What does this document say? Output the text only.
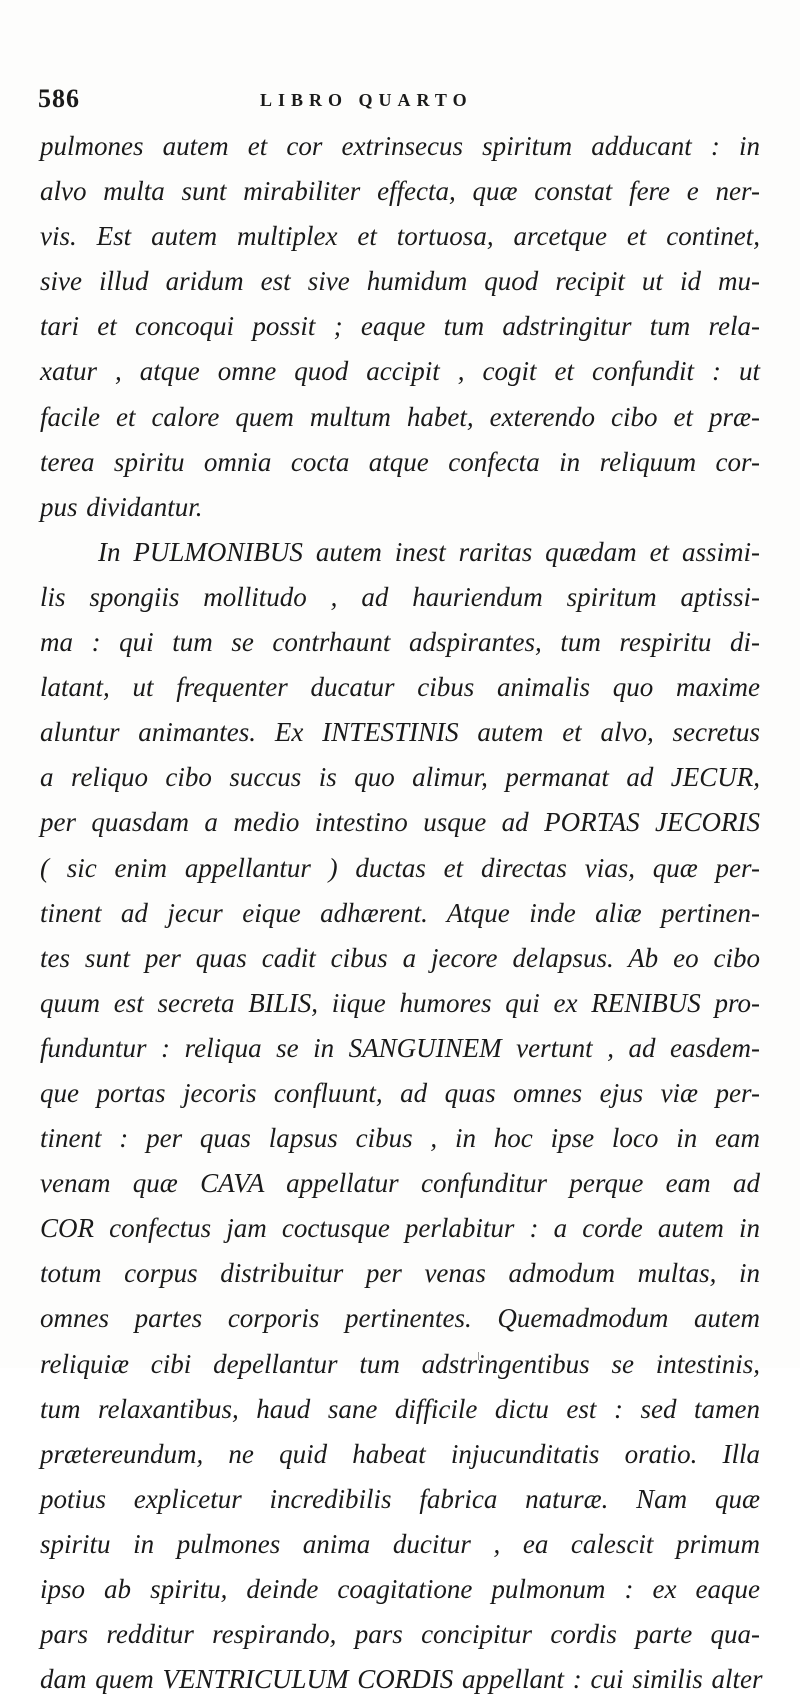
586	LIBRO QUARTO
pulmones autem et cor extrinsecus spiritum adducant : in
alvo multa sunt mirabiliter effecta, quæ constat fere e ner-
vis. Est autem multiplex et tortuosa, arcetque et continet,
sive illud aridum est sive humidum quod recipit ut id mu-
tari et concoqui possit ; eaque tum adstringitur tum rela-
xatur , atque omne quod accipit , cogit et confundit : ut
facile et calore quem multum habet, exterendo cibo et præ-
terea spiritu omnia cocta atque confecta in reliquum cor-
pus dividantur.
In PULMONIBUS autem inest raritas quædam et assimi-
lis spongiis mollitudo , ad hauriendum spiritum aptissi-
ma : qui tum se contrhaunt adspirantes, tum respiritu di-
latant, ut frequenter ducatur cibus animalis quo maxime
aluntur animantes. Ex INTESTINIS autem et alvo, secretus
a reliquo cibo succus is quo alimur, permanat ad JECUR,
per quasdam a medio intestino usque ad PORTAS JECORIS
( sic enim appellantur ) ductas et directas vias, quæ per-
tinent ad jecur eique adhærent. Atque inde aliæ pertinen-
tes sunt per quas cadit cibus a jecore delapsus. Ab eo cibo
quum est secreta BILIS, iique humores qui ex RENIBUS pro-
funduntur : reliqua se in SANGUINEM vertunt , ad easdem-
que portas jecoris confluunt, ad quas omnes ejus viæ per-
tinent : per quas lapsus cibus , in hoc ipse loco in eam
venam quæ CAVA appellatur confunditur perque eam ad
COR confectus jam coctusque perlabitur : a corde autem in
totum corpus distribuitur per venas admodum multas, in
omnes partes corporis pertinentes. Quemadmodum autem
reliquiæ cibi depellantur tum adstringentibus se intestinis,
tum relaxantibus, haud sane difficile dictu est : sed tamen
prætereundum, ne quid habeat injucunditatis oratio. Illa
potius explicetur incredibilis fabrica naturæ. Nam quæ
spiritu in pulmones anima ducitur , ea calescit primum
ipso ab spiritu, deinde coagitatione pulmonum : ex eaque
pars redditur respirando, pars concipitur cordis parte qua-
dam quem VENTRICULUM CORDIS appellant : cui similis alter
